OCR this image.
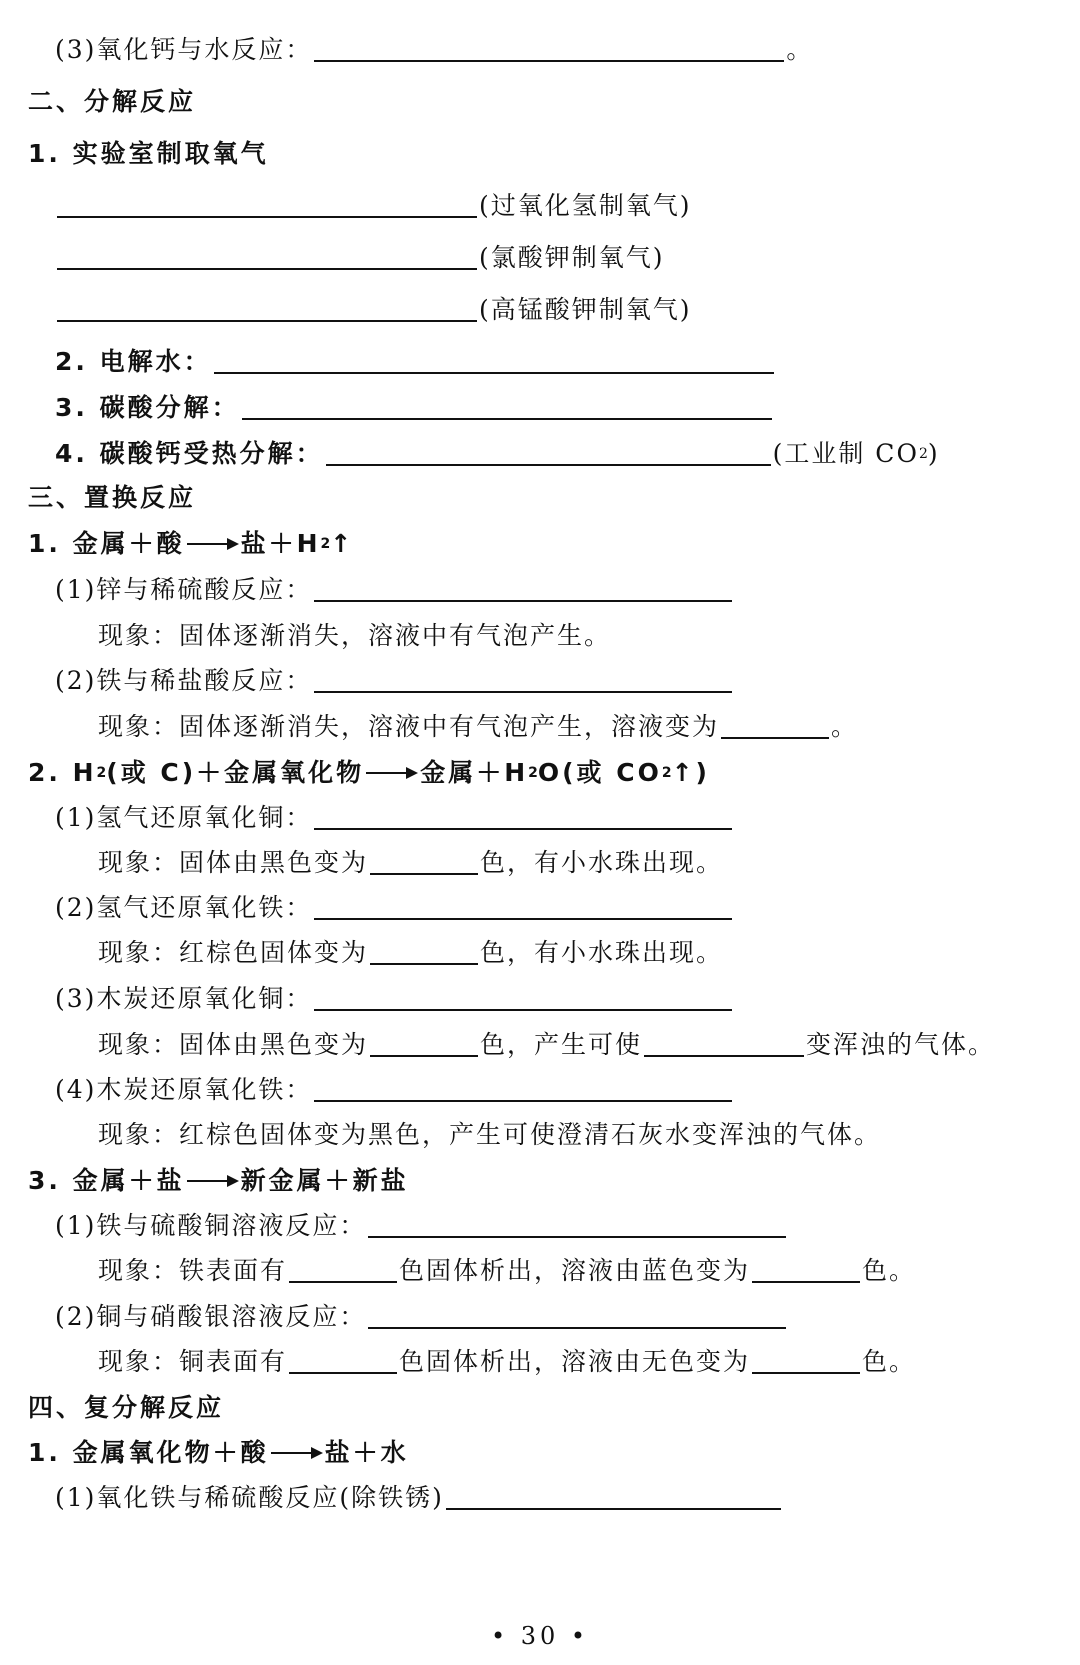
(3)氧化钙与水反应：	。
二、分解反应
1. 实验室制取氧气
(过氧化氢制氧气)
(氯酸钾制氧气)
(高锰酸钾制氧气)
2. 电解水：
3. 碳酸分解：
4. 碳酸钙受热分解：	(工业制 CO 2 )
三、置换反应
1. 金属＋酸 → 盐＋H 2 ↑
(1)锌与稀硫酸反应：
现象：固体逐渐消失，溶液中有气泡产生。
(2)铁与稀盐酸反应：
现象：固体逐渐消失，溶液中有气泡产生，溶液变为	。
2. H 2 (或 C)＋金属氧化物 → 金属＋H 2 O(或 CO 2 ↑)
(1)氢气还原氧化铜：
现象：固体由黑色变为	色，有小水珠出现。
(2)氢气还原氧化铁：
现象：红棕色固体变为	色，有小水珠出现。
(3)木炭还原氧化铜：
现象：固体由黑色变为	色，产生可使	变浑浊的气体。
(4)木炭还原氧化铁：
现象：红棕色固体变为黑色，产生可使澄清石灰水变浑浊的气体。
3. 金属＋盐 → 新金属＋新盐
(1)铁与硫酸铜溶液反应：
现象：铁表面有	色固体析出，溶液由蓝色变为	色。
(2)铜与硝酸银溶液反应：
现象：铜表面有	色固体析出，溶液由无色变为	色。
四、复分解反应
1. 金属氧化物＋酸 → 盐＋水
(1)氧化铁与稀硫酸反应(除铁锈)
• 30 •
